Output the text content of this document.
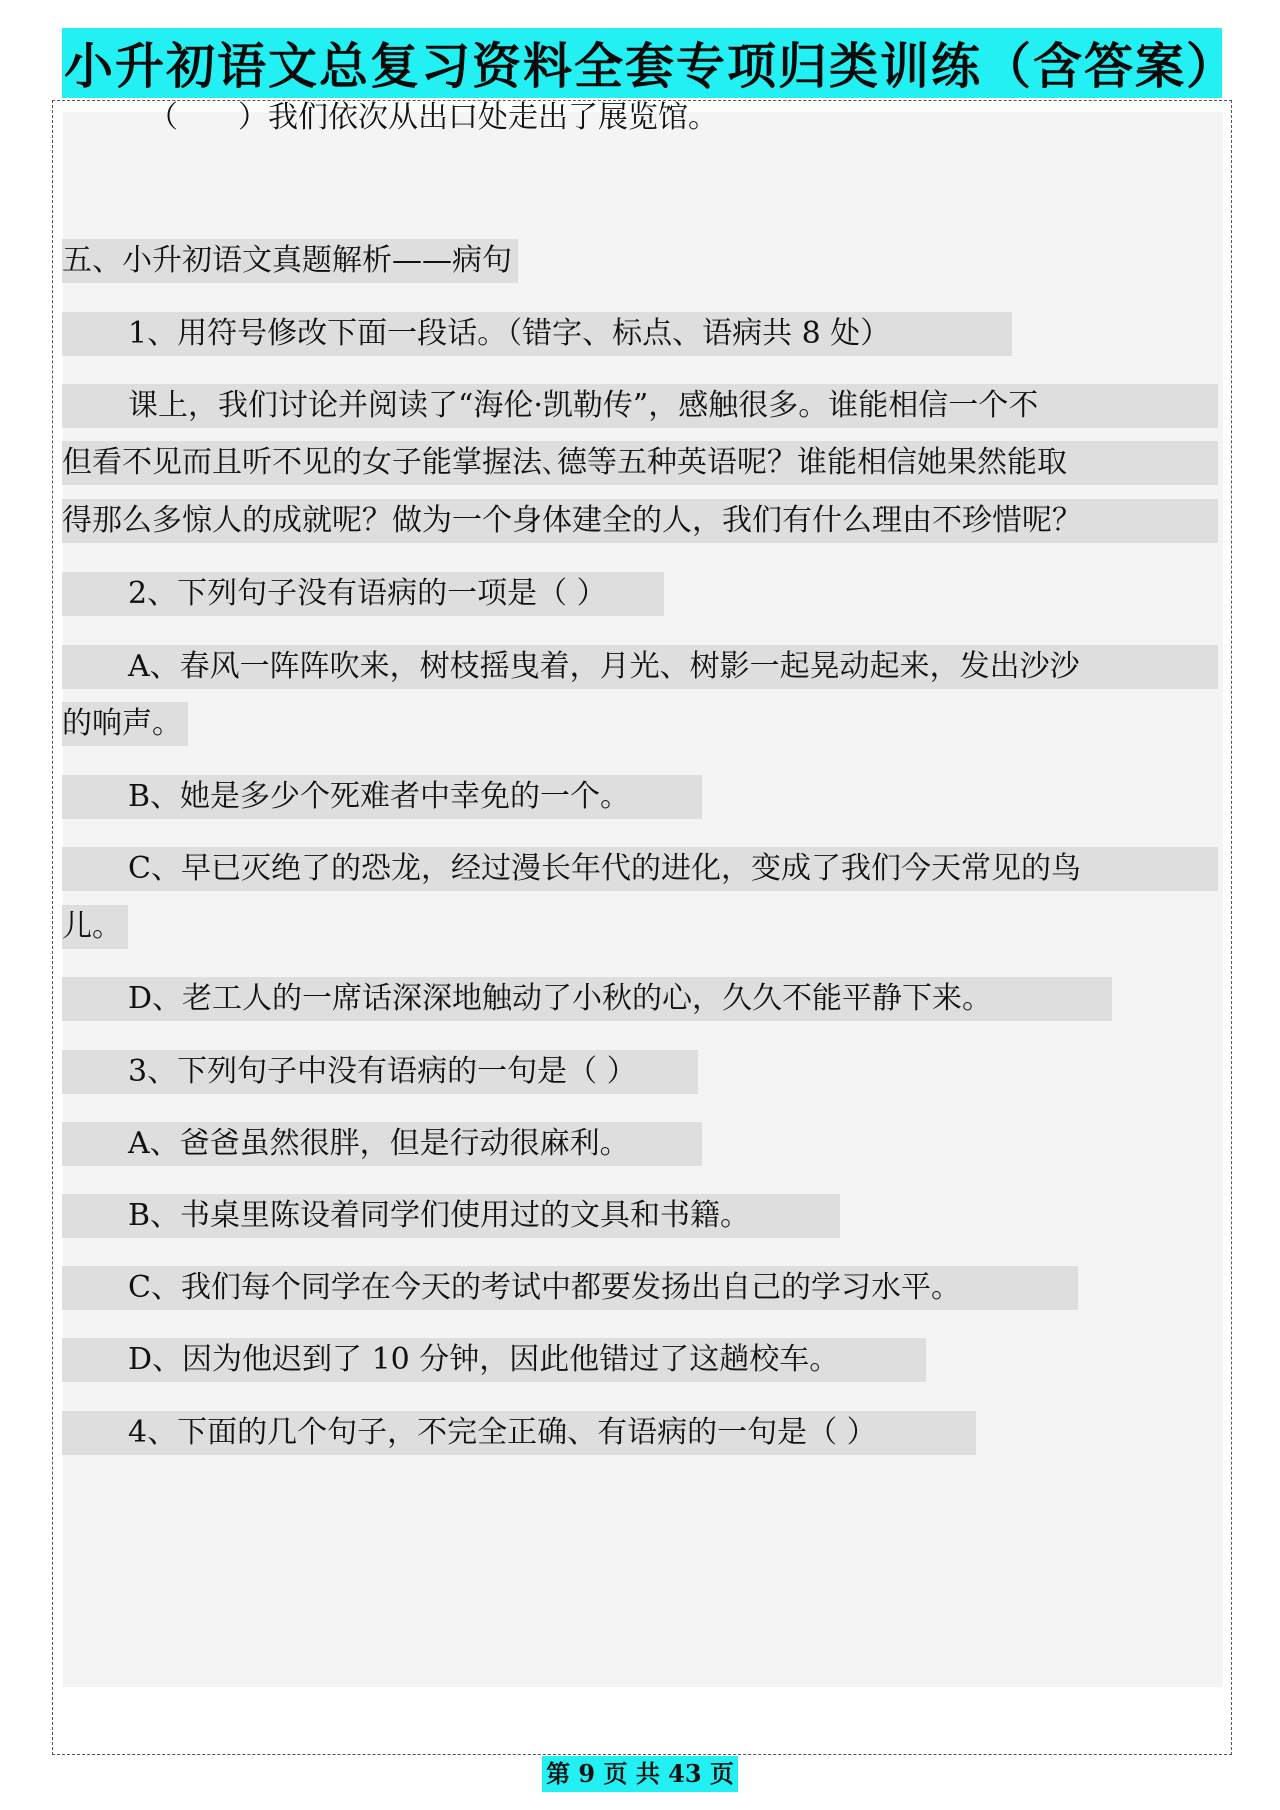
小升初语文总复习资料全套专项归类训练（含答案）
（　　）我们依次从出口处走出了展览馆。
五、小升初语文真题解析——病句
1、用符号修改下面一段话。（错字、标点、语病共 8 处）
课上，我们讨论并阅读了“海伦·凯勒传”，感触很多。谁能相信一个不
但看不见而且听不见的女子能掌握法､德等五种英语呢？谁能相信她果然能取
得那么多惊人的成就呢？做为一个身体建全的人，我们有什么理由不珍惜呢？
2、下列句子没有语病的一项是（ ）
A、春风一阵阵吹来，树枝摇曳着，月光、树影一起晃动起来，发出沙沙
的响声。
B、她是多少个死难者中幸免的一个。
C、早已灭绝了的恐龙，经过漫长年代的进化，变成了我们今天常见的鸟
儿。
D、老工人的一席话深深地触动了小秋的心，久久不能平静下来。
3、下列句子中没有语病的一句是（ ）
A、爸爸虽然很胖，但是行动很麻利。
B、书桌里陈设着同学们使用过的文具和书籍。
C、我们每个同学在今天的考试中都要发扬出自己的学习水平。
D、因为他迟到了 10 分钟，因此他错过了这趟校车。
4、下面的几个句子，不完全正确、有语病的一句是（ ）
第 9 页 共 43 页
